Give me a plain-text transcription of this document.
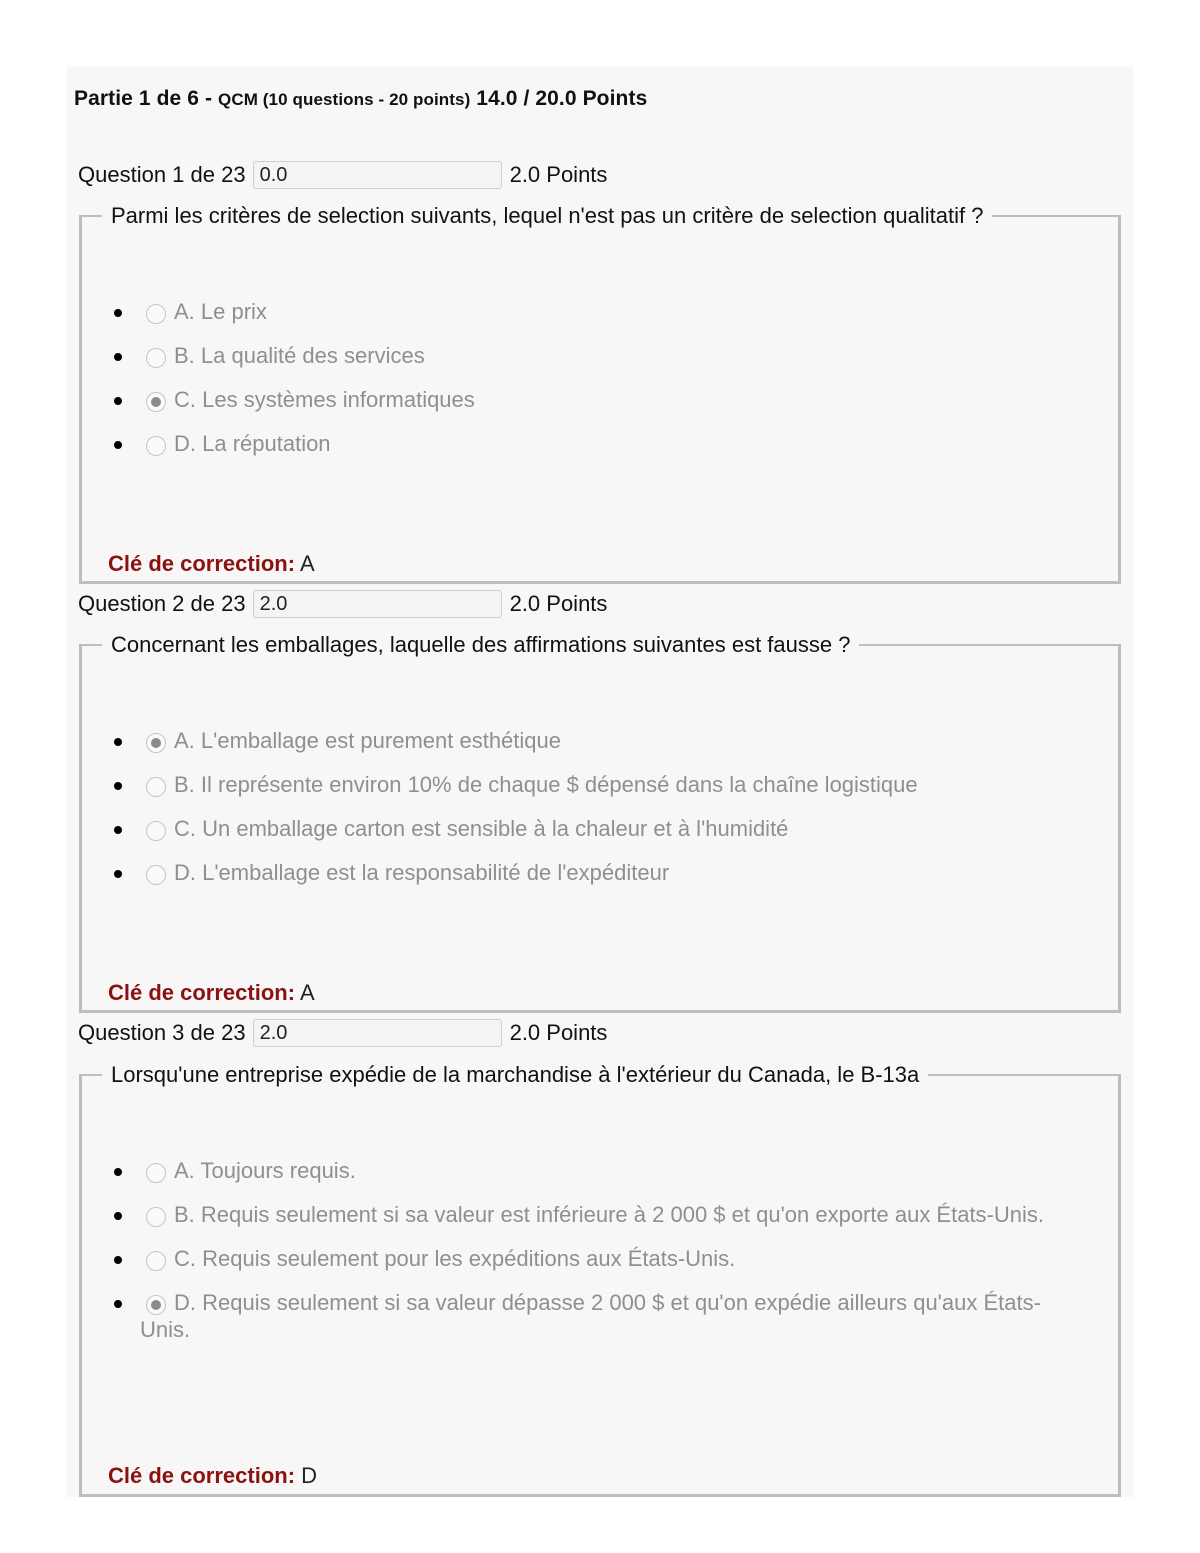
Partie 1 de 6 - QCM (10 questions - 20 points) 14.0 / 20.0 Points
Question 1 de 23
0.0	2.0 Points
Parmi les critères de selection suivants, lequel n'est pas un critère de selection qualitatif ?
A. Le prix
B. La qualité des services
C. Les systèmes informatiques
D. La réputation
Clé de correction: A
Question 2 de 23
2.0	2.0 Points
Concernant les emballages, laquelle des affirmations suivantes est fausse ?
A. L'emballage est purement esthétique
B. Il représente environ 10% de chaque $ dépensé dans la chaîne logistique
C. Un emballage carton est sensible à la chaleur et à l'humidité
D. L'emballage est la responsabilité de l'expéditeur
Clé de correction: A
Question 3 de 23
2.0	2.0 Points
Lorsqu'une entreprise expédie de la marchandise à l'extérieur du Canada, le B-13a
A. Toujours requis.
B. Requis seulement si sa valeur est inférieure à 2 000 $ et qu'on exporte aux États-Unis.
C. Requis seulement pour les expéditions aux États-Unis.
D. Requis seulement si sa valeur dépasse 2 000 $ et qu'on expédie ailleurs qu'aux États-Unis.
Clé de correction: D
